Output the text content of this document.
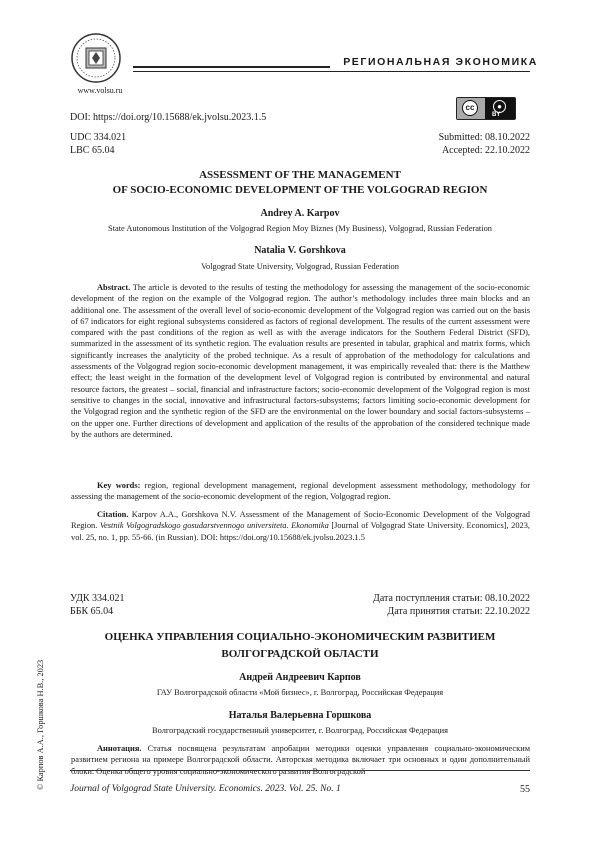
www.volsu.ru
РЕГИОНАЛЬНАЯ ЭКОНОМИКА
DOI: https://doi.org/10.15688/ek.jvolsu.2023.1.5
cc	●
BY
UDC 334.021
LBC 65.04
Submitted: 08.10.2022
Accepted: 22.10.2022
ASSESSMENT OF THE MANAGEMENT
OF SOCIO-ECONOMIC DEVELOPMENT OF THE VOLGOGRAD REGION
Andrey A. Karpov
State Autonomous Institution of the Volgograd Region Moy Biznes (My Business), Volgograd, Russian Federation
Natalia V. Gorshkova
Volgograd State University, Volgograd, Russian Federation
Abstract. The article is devoted to the results of testing the methodology for assessing the management of the socio-economic development of the region on the example of the Volgograd region. The author’s methodology includes three main blocks and an additional one. The assessment of the overall level of socio-economic development of the Volgograd region was carried out on the basis of 67 indicators for eight regional subsystems considered as factors of regional development. The results of the current assessment were compared with the past conditions of the region as well as with the average indicators for the Southern Federal District (SFD), summarized in the assessment of its synthetic region. The evaluation results are presented in tabular, graphical and matrix forms, which significantly increases the analyticity of the probed technique. As a result of approbation of the methodology for calculations and assessments of the Volgograd region socio-economic development management, it was empirically revealed that: there is the Matthew effect; the least weight in the formation of the development level of Volgograd region is contributed by environmental and natural resource factors, the greatest – social, financial and infrastructure factors; socio-economic development of the Volgograd region is most sensitive to changes in the social, innovative and infrastructural factors-subsystems; factors limiting socio-economic development for the Volgograd region and the synthetic region of the SFD are the environmental on the lower boundary and social factors-subsystems – on the upper one. Further directions of development and application of the results of the approbation of the considered technique made by the authors are determined.
Key words: region, regional development management, regional development assessment methodology, methodology for assessing the management of the socio-economic development of the region, Volgograd region.
Citation. Karpov A.A., Gorshkova N.V. Assessment of the Management of Socio-Economic Development of the Volgograd Region. Vestnik Volgogradskogo gosudarstvennogo universiteta. Ekonomika [Journal of Volgograd State University. Economics], 2023, vol. 25, no. 1, pp. 55-66. (in Russian). DOI: https://doi.org/10.15688/ek.jvolsu.2023.1.5
УДК 334.021
ББК 65.04
Дата поступления статьи: 08.10.2022
Дата принятия статьи: 22.10.2022
ОЦЕНКА УПРАВЛЕНИЯ СОЦИАЛЬНО-ЭКОНОМИЧЕСКИМ РАЗВИТИЕМ
ВОЛГОГРАДСКОЙ ОБЛАСТИ
Андрей Андреевич Карпов
ГАУ Волгоградской области «Мой бизнес», г. Волгоград, Российская Федерация
Наталья Валерьевна Горшкова
Волгоградский государственный университет, г. Волгоград, Российская Федерация
Аннотация. Статья посвящена результатам апробации методики оценки управления социально-экономическим развитием региона на примере Волгоградской области. Авторская методика включает три основных и один дополнительный блоки. Оценка общего уровня социально-экономического развития Волгоградской
© Карпов А.А., Горшкова Н.В., 2023	Journal of Volgograd State University. Economics. 2023. Vol. 25. No. 1	55
